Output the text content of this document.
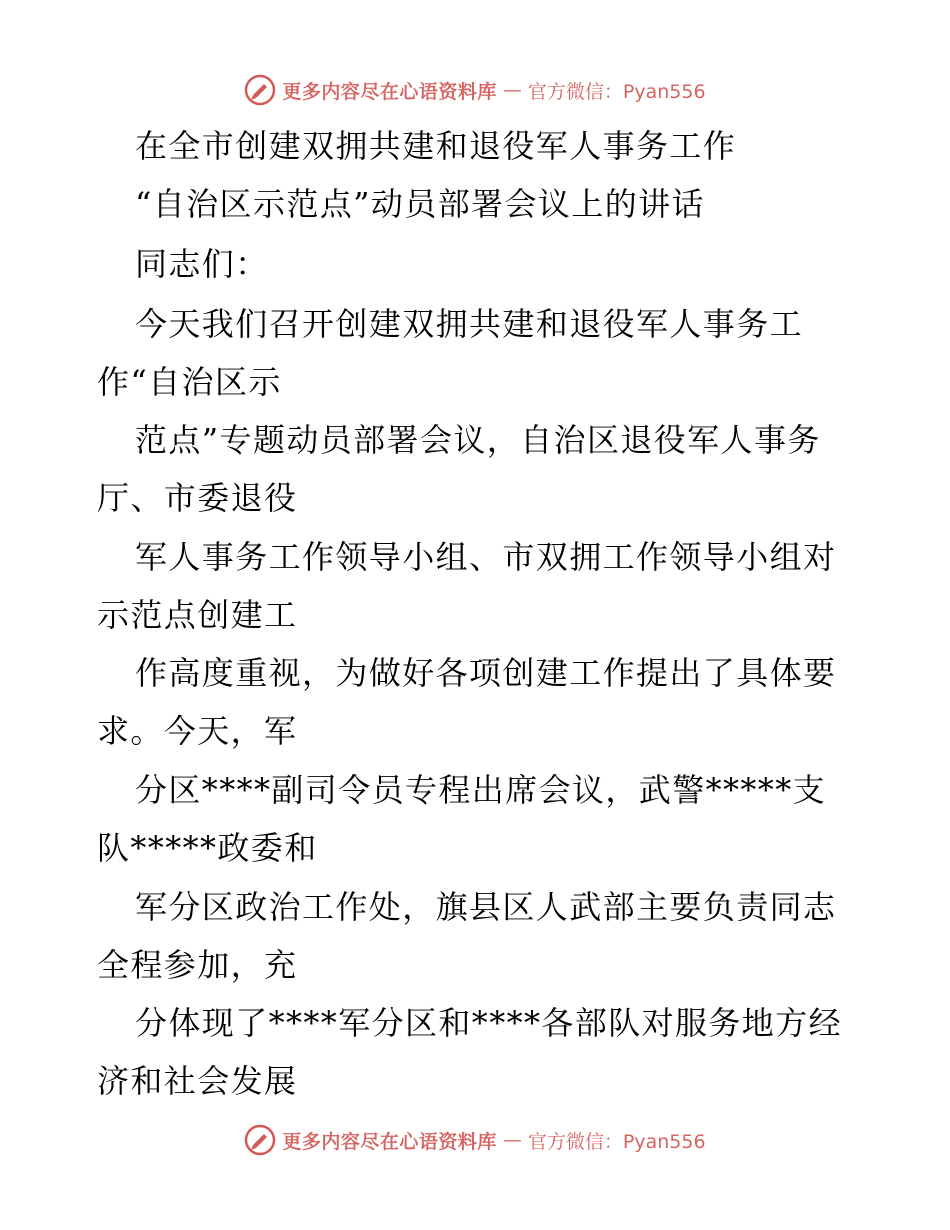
更多内容尽在心语资料库 — 官方微信：Pyan556
在全市创建双拥共建和退役军人事务工作
“自治区示范点”动员部署会议上的讲话
同志们：
今天我们召开创建双拥共建和退役军人事务工
作“自治区示
范点”专题动员部署会议，自治区退役军人事务
厅、市委退役
军人事务工作领导小组、市双拥工作领导小组对
示范点创建工
作高度重视，为做好各项创建工作提出了具体要
求。今天，军
分区****副司令员专程出席会议，武警*****支
队*****政委和
军分区政治工作处，旗县区人武部主要负责同志
全程参加，充
分体现了****军分区和****各部队对服务地方经
济和社会发展
更多内容尽在心语资料库 — 官方微信：Pyan556
